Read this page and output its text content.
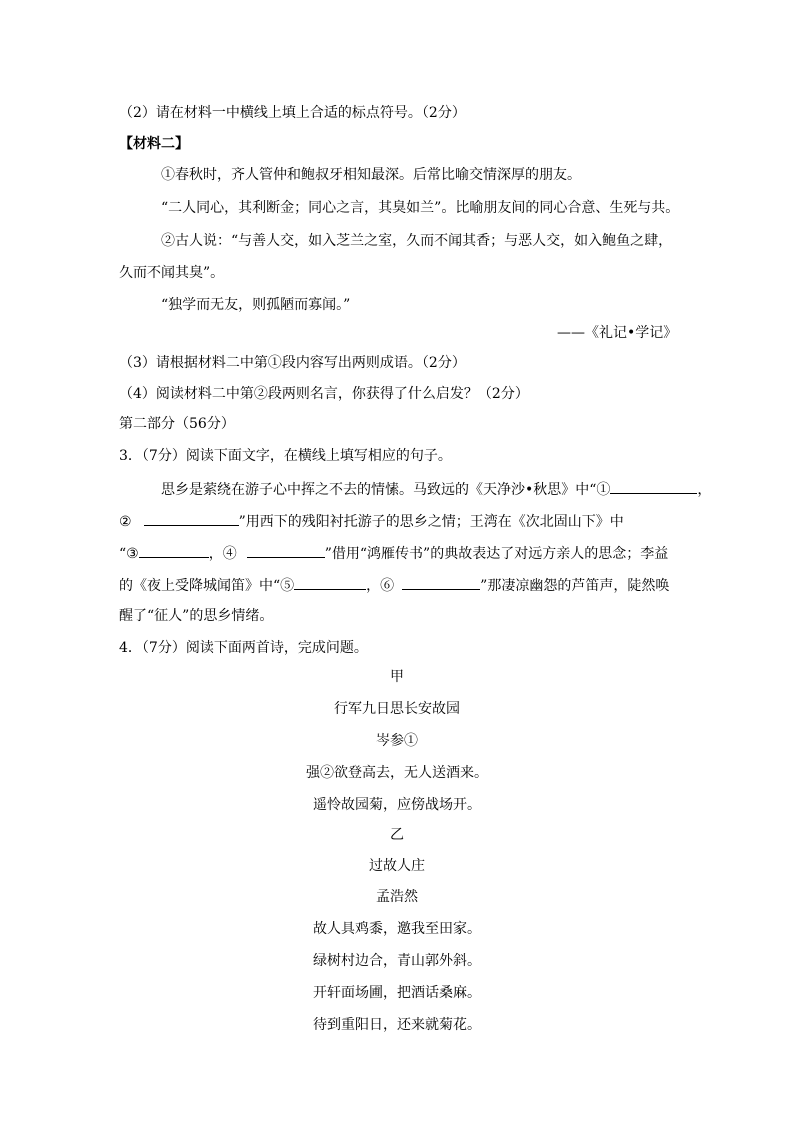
（2）请在材料一中横线上填上合适的标点符号。（2分）
【材料二】
①春秋时，齐人管仲和鲍叔牙相知最深。后常比喻交情深厚的朋友。
“二人同心，其利断金；同心之言，其臭如兰”。比喻朋友间的同心合意、生死与共。
②古人说：“与善人交，如入芝兰之室，久而不闻其香；与恶人交，如入鲍鱼之肆，
久而不闻其臭”。
“独学而无友，则孤陋而寡闻。”
——《礼记•学记》
（3）请根据材料二中第①段内容写出两则成语。（2分）
（4）阅读材料二中第②段两则名言，你获得了什么启发？（2分）
第二部分（56分）
3．（7分）阅读下面文字，在横线上填写相应的句子。
思乡是萦绕在游子心中挥之不去的情愫。马致远的《天净沙•秋思》中“①	，
②	”用西下的残阳衬托游子的思乡之情；王湾在《次北固山下》中
“③	，④	”借用“鸿雁传书”的典故表达了对远方亲人的思念；李益
的《夜上受降城闻笛》中“⑤	，⑥	”那凄凉幽怨的芦笛声，陡然唤
醒了“征人”的思乡情绪。
4．（7分）阅读下面两首诗，完成问题。
甲
行军九日思长安故园
岑参①
强②欲登高去，无人送酒来。
遥怜故园菊，应傍战场开。
乙
过故人庄
孟浩然
故人具鸡黍，邀我至田家。
绿树村边合，青山郭外斜。
开轩面场圃，把酒话桑麻。
待到重阳日，还来就菊花。
